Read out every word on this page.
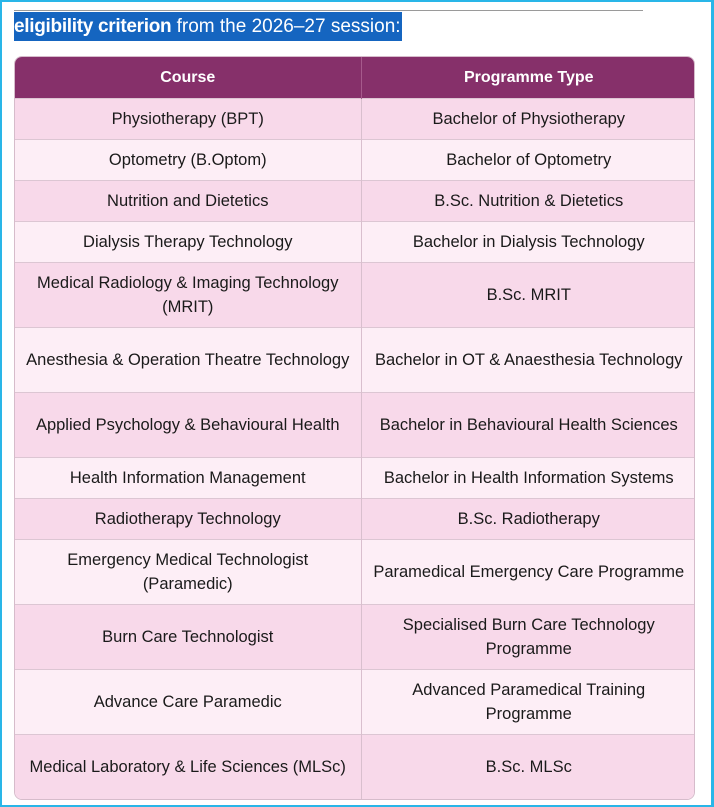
eligibility criterion from the 2026–27 session:
Course	Programme Type
Physiotherapy (BPT)	Bachelor of Physiotherapy
Optometry (B.Optom)	Bachelor of Optometry
Nutrition and Dietetics	B.Sc. Nutrition & Dietetics
Dialysis Therapy Technology	Bachelor in Dialysis Technology
Medical Radiology & Imaging Technology (MRIT)	B.Sc. MRIT
Anesthesia & Operation Theatre Technology	Bachelor in OT & Anaesthesia Technology
Applied Psychology & Behavioural Health	Bachelor in Behavioural Health Sciences
Health Information Management	Bachelor in Health Information Systems
Radiotherapy Technology	B.Sc. Radiotherapy
Emergency Medical Technologist (Paramedic)	Paramedical Emergency Care Programme
Burn Care Technologist	Specialised Burn Care Technology Programme
Advance Care Paramedic	Advanced Paramedical Training Programme
Medical Laboratory & Life Sciences (MLSc)	B.Sc. MLSc
